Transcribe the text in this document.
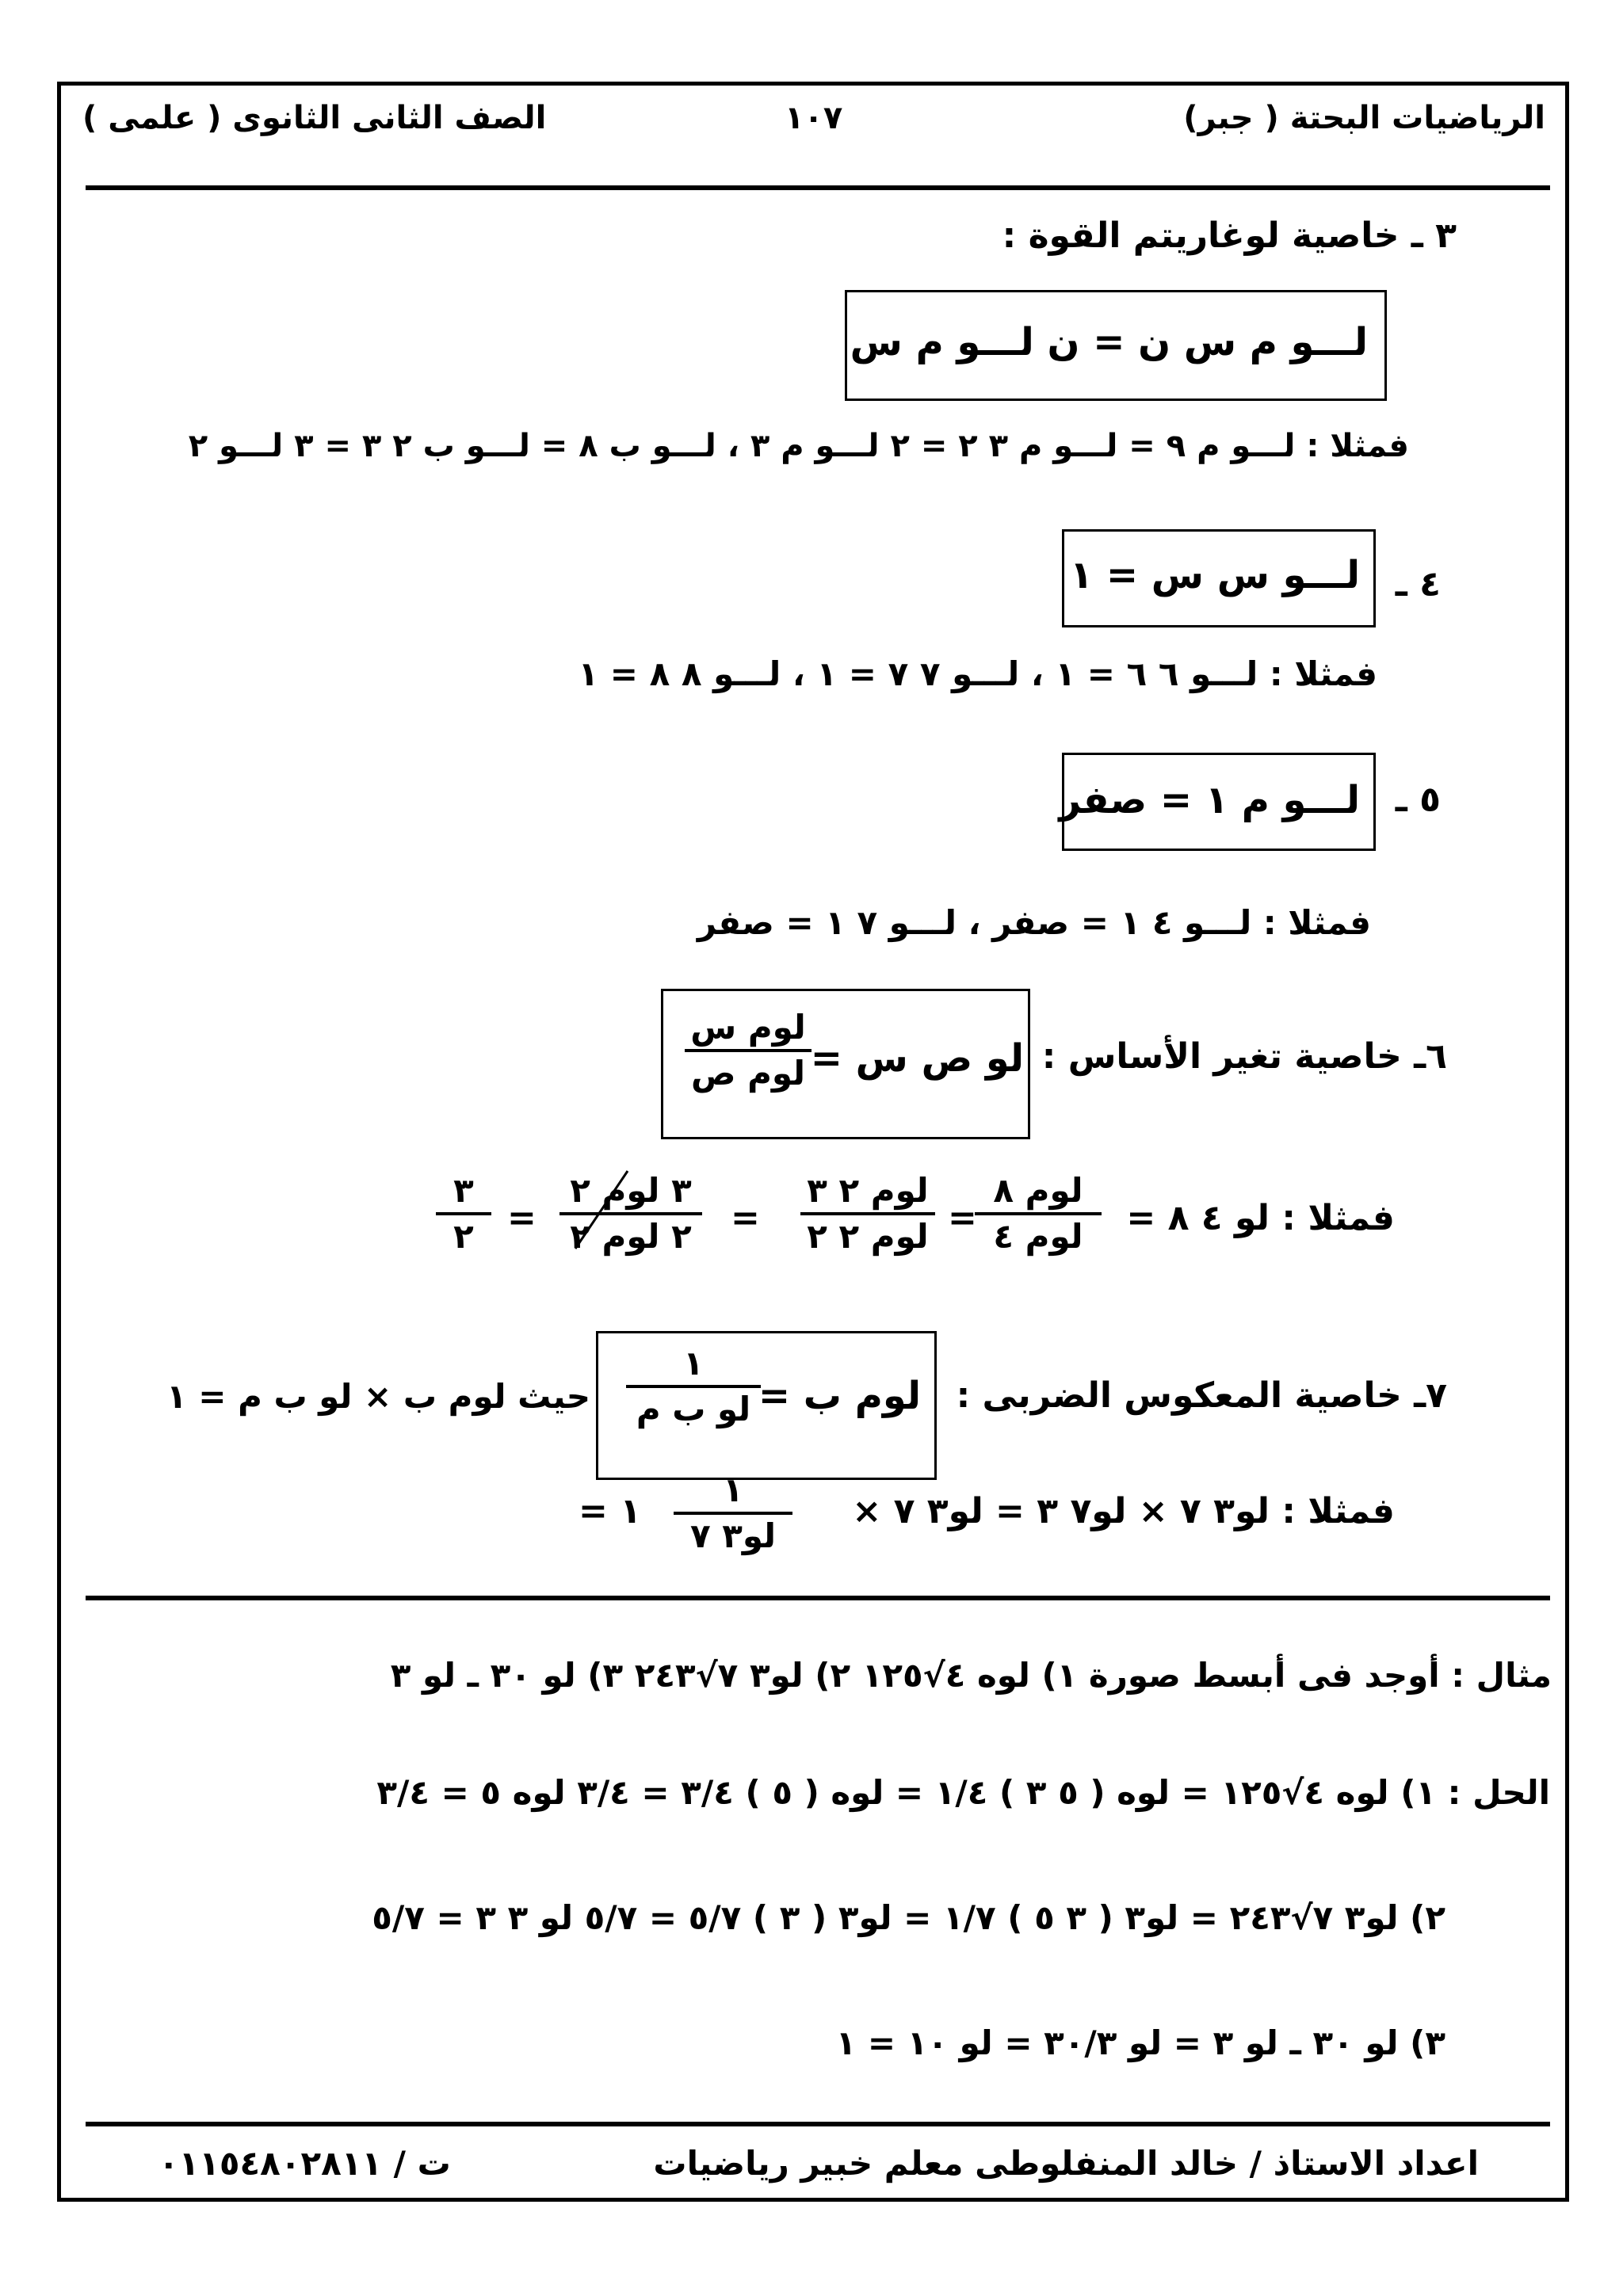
الرياضيات البحتة ( جبر)
١٠٧
الصف الثانى الثانوى ( علمى )
٣ ـ خاصية لوغاريتم القوة :
لـــو م س ن = ن لـــو م س
فمثلا : لـــو م ٩ = لـــو م ٣ ٢ = ٢ لـــو م ٣ ، لـــو ب ٨ = لـــو ب ٢ ٣ = ٣ لـــو ٢
٤ ـ
لـــو س س = ١
فمثلا : لـــو ٦ ٦ = ١ ، لـــو ٧ ٧ = ١ ، لـــو ٨ ٨ = ١
٥ ـ
لـــو م ١ = صفر
فمثلا : لـــو ٤ ١ = صفر ، لـــو ٧ ١ = صفر
٦ـ خاصية تغير الأساس :
لو ص س =
لوم س
لوم ص
فمثلا : لو ٤ ٨ =
لوم ٨
لوم ٤
=
لوم ٢ ٣
لوم ٢ ٢
=
٣ لوم ٢
٢ لوم ٢
=
٣
٢
٧ـ خاصية المعكوس الضربى :
لوم ب =
١
لو ب م
حيث لوم ب × لو ب م = ١
فمثلا : لو٣ ٧ × لو٧ ٣ = لو٣ ٧ ×
١
لو٣ ٧
= ١
مثال : أوجد فى أبسط صورة ١) لوه ٤√١٢٥ ٢) لو٣ ٧√٢٤٣ ٣) لو ٣٠ ـ لو ٣
الحل : ١) لوه ٤√١٢٥ = لوه ( ٥ ٣ ) ١/٤ = لوه ( ٥ ) ٣/٤ = ٣/٤ لوه ٥ = ٣/٤
٢) لو٣ ٧√٢٤٣ = لو٣ ( ٣ ٥ ) ١/٧ = لو٣ ( ٣ ) ٥/٧ = ٥/٧ لو ٣ ٣ = ٥/٧
٣) لو ٣٠ ـ لو ٣ = لو ٣٠/٣ = لو ١٠ = ١
اعداد الاستاذ / خالد المنفلوطى معلم خبير رياضيات
ت / ٠١١٥٤٨٠٢٨١١
